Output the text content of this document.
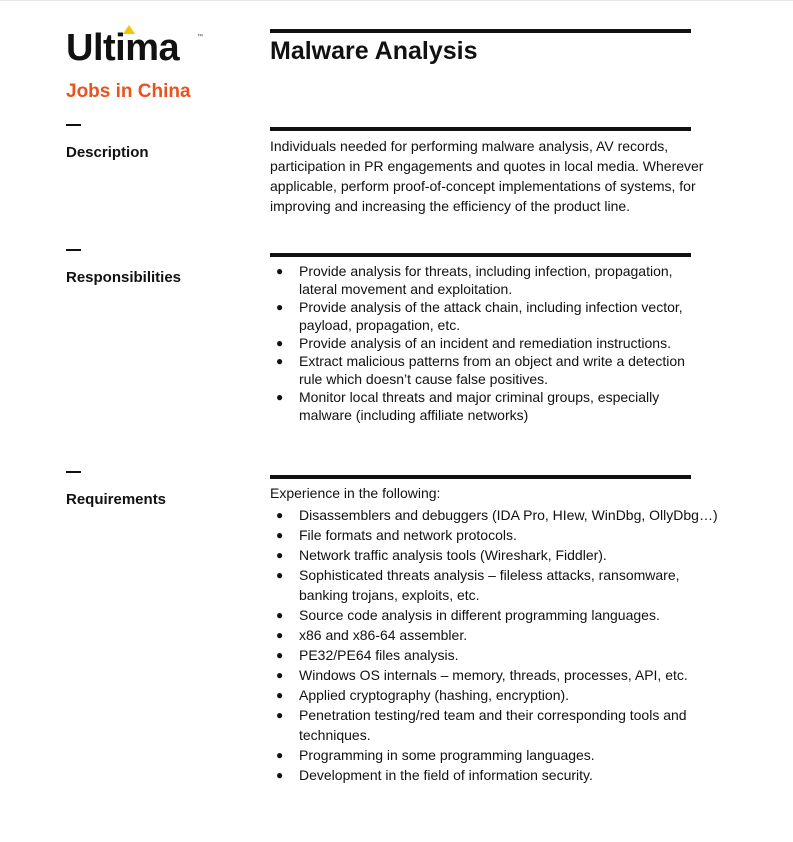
Ultima	™
Jobs in China
Malware Analysis
Description	Individuals needed for performing malware analysis, AV records, participation in PR engagements and quotes in local media. Wherever applicable, perform proof-of-concept implementations of systems, for improving and increasing the efficiency of the product line.
Responsibilities	● Provide analysis for threats, including infection, propagation, lateral movement and exploitation.
● Provide analysis of the attack chain, including infection vector, payload, propagation, etc.
● Provide analysis of an incident and remediation instructions.
● Extract malicious patterns from an object and write a detection rule which doesn’t cause false positives.
● Monitor local threats and major criminal groups, especially malware (including affiliate networks)
Requirements	Experience in the following:
● Disassemblers and debuggers (IDA Pro, HIew, WinDbg, OllyDbg…)
● File formats and network protocols.
● Network traffic analysis tools (Wireshark, Fiddler).
● Sophisticated threats analysis – fileless attacks, ransomware, banking trojans, exploits, etc.
● Source code analysis in different programming languages.
● x86 and x86-64 assembler.
● PE32/PE64 files analysis.
● Windows OS internals – memory, threads, processes, API, etc.
● Applied cryptography (hashing, encryption).
● Penetration testing/red team and their corresponding tools and techniques.
● Programming in some programming languages.
● Development in the field of information security.
